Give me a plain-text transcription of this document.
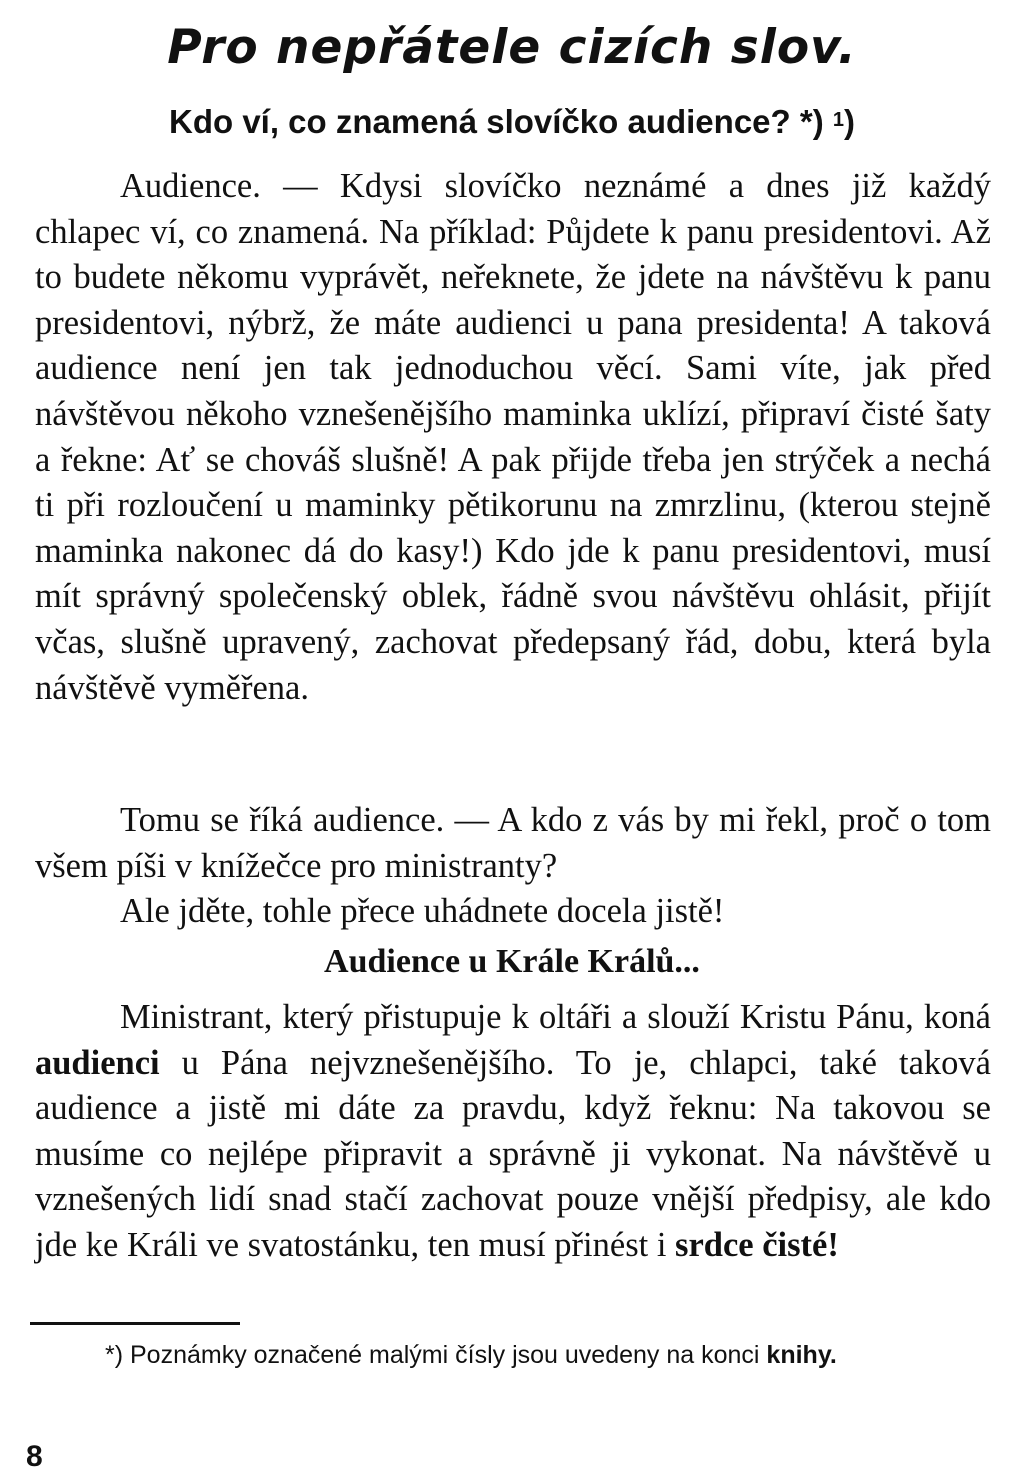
Pro nepřátele cizích slov.

Kdo ví, co znamená slovíčko audience? *) $^1$)

Audience. — Kdysi slovíčko neznámé a dnes již každý chlapec ví, co znamená. Na příklad: Půjdete k panu presidentovi. Až to budete někomu vyprávět, neřeknete, že jdete na návštěvu k panu presidentovi, nýbrž, že máte audienci u pana presidenta! A taková audience není jen tak jednoduchou věcí. Sami víte, jak před návštěvou někoho vznešenějšího maminka uklízí, připraví čisté šaty a řekne: Ať se chováš slušně! A pak přijde třeba jen strýček a nechá ti při rozloučení u maminky pětikorunu na zmrzlinu, (kterou stejně maminka nakonec dá do kasy!) Kdo jde k panu presidentovi, musí mít správný společenský oblek, řádně svou návštěvu ohlásit, přijít včas, slušně upravený, zachovat předepsaný řád, dobu, která byla návštěvě vyměřena.

Tomu se říká audience. — A kdo z vás by mi řekl, proč o tom všem píši v knížečce pro ministranty?

Ale jděte, tohle přece uhádnete docela jistě!

Audience u Krále Králů...

Ministrant, který přistupuje k oltáři a slouží Kristu Pánu, koná audienci u Pána nejvznešenějšího. To je, chlapci, také taková audience a jistě mi dáte za pravdu, když řeknu: Na takovou se musíme co nejlépe připravit a správně ji vykonat. Na návštěvě u vznešených lidí snad stačí zachovat pouze vnější předpisy, ale kdo jde ke Králi ve svatostánku, ten musí přinést i srdce čisté!

*) Poznámky označené malými čísly jsou uvedeny na konci knihy.

8
